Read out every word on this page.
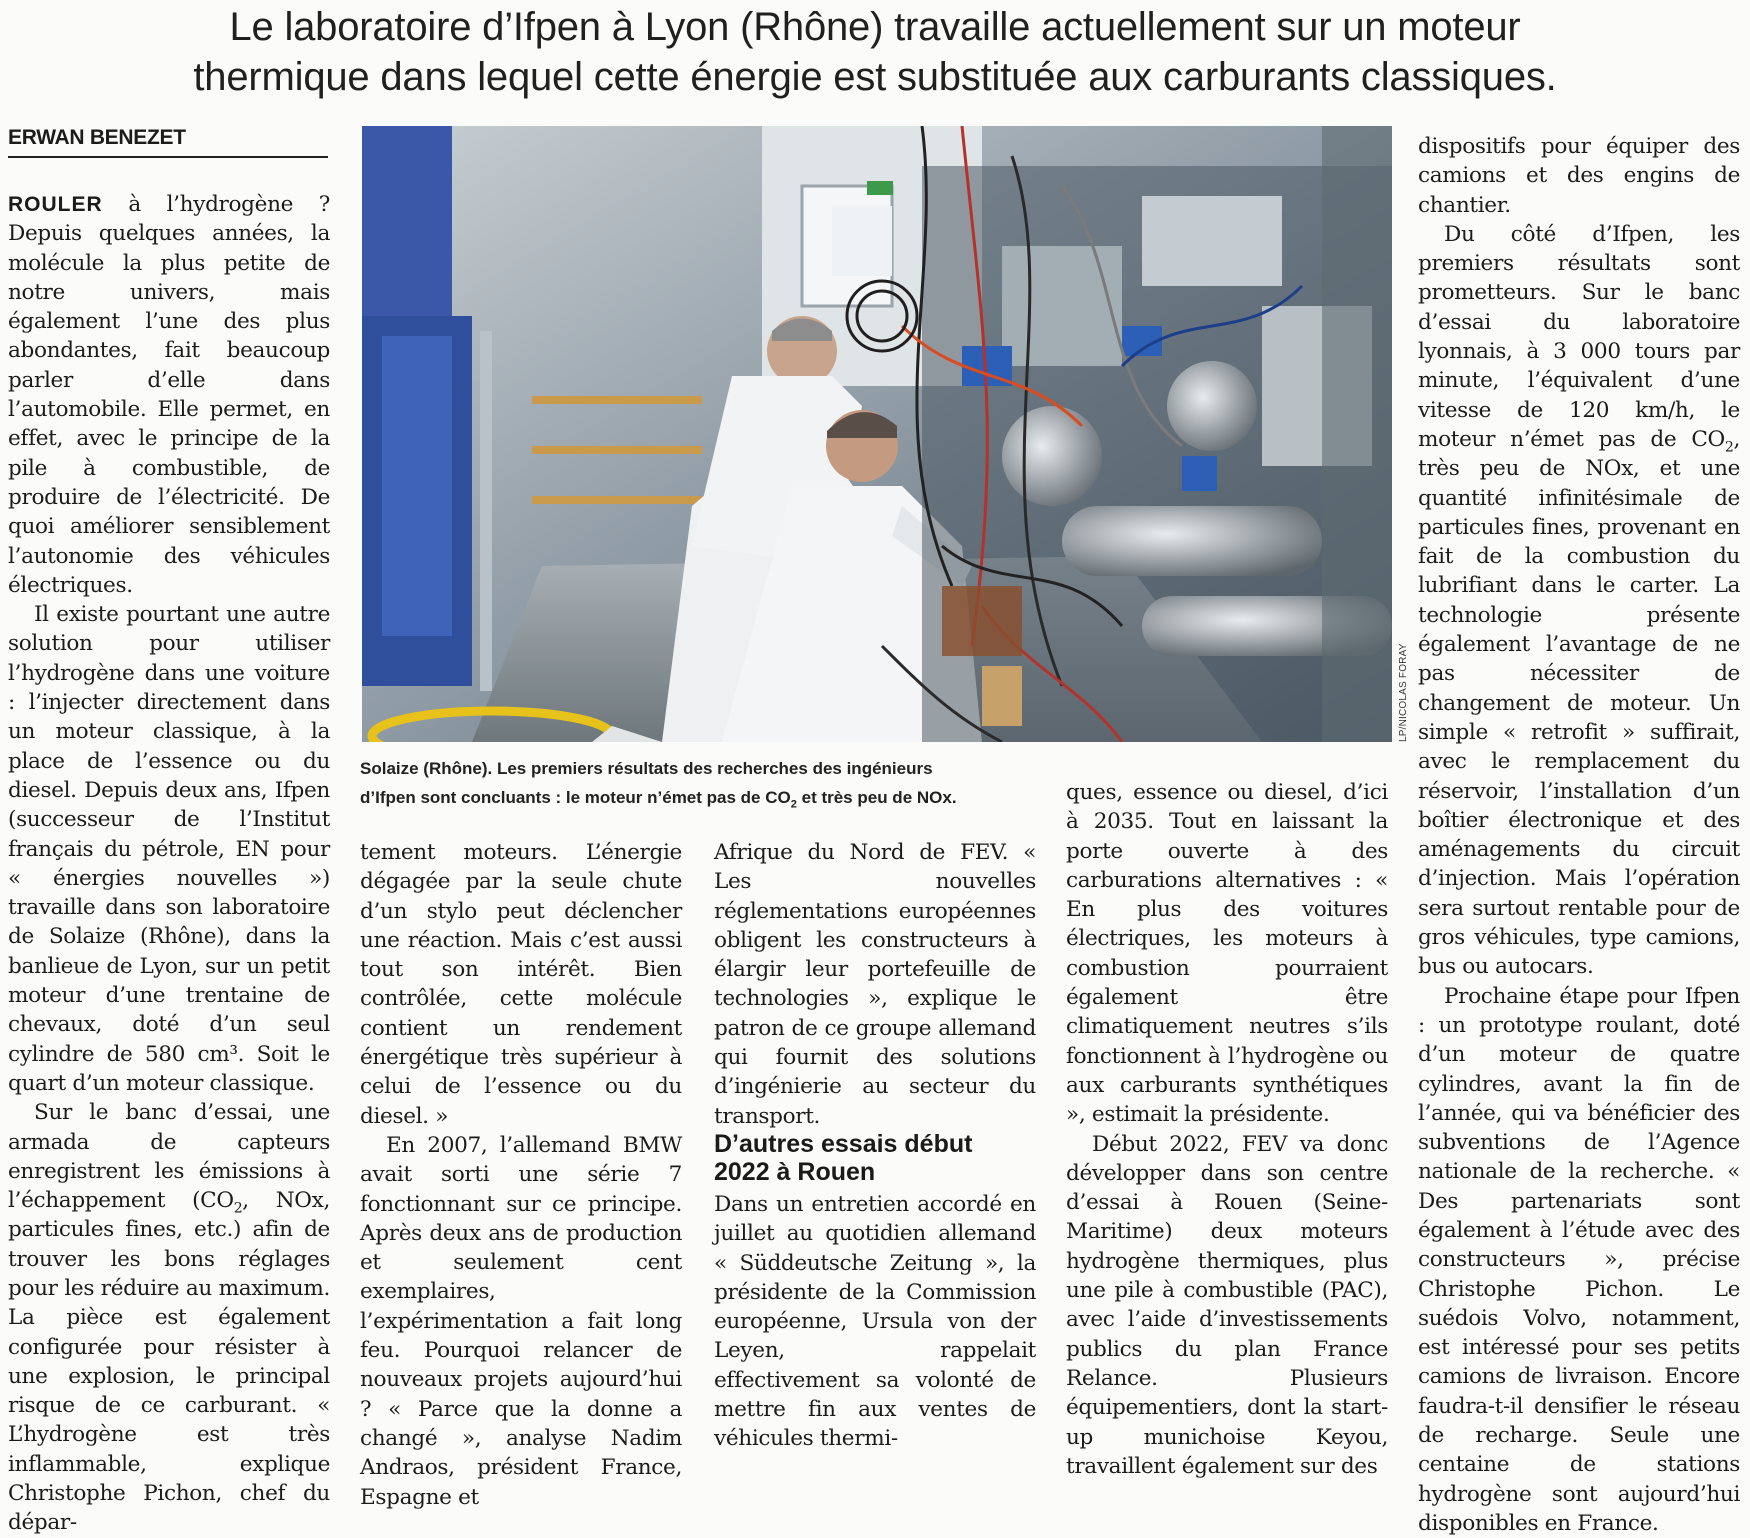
Le laboratoire d’Ifpen à Lyon (Rhône) travaille actuellement sur un moteur
thermique dans lequel cette énergie est substituée aux carburants classiques.
ERWAN BENEZET

ROULER à l’hydrogène ? Depuis quelques années, la molécule la plus petite de notre univers, mais également l’une des plus abondantes, fait beaucoup parler d’elle dans l’automobile. Elle permet, en effet, avec le principe de la pile à combustible, de produire de l’électricité. De quoi améliorer sensiblement l’autonomie des véhicules électriques.

Il existe pourtant une autre solution pour utiliser l’hydrogène dans une voiture : l’injecter directement dans un moteur classique, à la place de l’essence ou du diesel. Depuis deux ans, Ifpen (successeur de l’Institut français du pétrole, EN pour « énergies nouvelles ») travaille dans son laboratoire de Solaize (Rhône), dans la banlieue de Lyon, sur un petit moteur d’une trentaine de chevaux, doté d’un seul cylindre de 580 cm³. Soit le quart d’un moteur classique.

Sur le banc d’essai, une armada de capteurs enregistrent les émissions à l’échappement ($CO_2$, NOx, particules fines, etc.) afin de trouver les bons réglages pour les réduire au maximum. La pièce est également configurée pour résister à une explosion, le principal risque de ce carburant. « L’hydrogène est très inflammable, explique Christophe Pichon, chef du dépar-

LP/NICOLAS FORAY
Solaize (Rhône). Les premiers résultats des recherches des ingénieurs
d’Ifpen sont concluants : le moteur n’émet pas de $CO_2$ et très peu de NOx.

tement moteurs. L’énergie dégagée par la seule chute d’un stylo peut déclencher une réaction. Mais c’est aussi tout son intérêt. Bien contrôlée, cette molécule contient un rendement énergétique très supérieur à celui de l’essence ou du diesel. »

En 2007, l’allemand BMW avait sorti une série 7 fonctionnant sur ce principe. Après deux ans de production et seulement cent exemplaires, l’expérimentation a fait long feu. Pourquoi relancer de nouveaux projets aujourd’hui ? « Parce que la donne a changé », analyse Nadim Andraos, président France, Espagne et

Afrique du Nord de FEV. « Les nouvelles réglementations européennes obligent les constructeurs à élargir leur portefeuille de technologies », explique le patron de ce groupe allemand qui fournit des solutions d’ingénierie au secteur du transport.

D’autres essais début 2022 à Rouen

Dans un entretien accordé en juillet au quotidien allemand « Süddeutsche Zeitung », la présidente de la Commission européenne, Ursula von der Leyen, rappelait effectivement sa volonté de mettre fin aux ventes de véhicules thermi-

ques, essence ou diesel, d’ici à 2035. Tout en laissant la porte ouverte à des carburations alternatives : « En plus des voitures électriques, les moteurs à combustion pourraient également être climatiquement neutres s’ils fonctionnent à l’hydrogène ou aux carburants synthétiques », estimait la présidente.

Début 2022, FEV va donc développer dans son centre d’essai à Rouen (Seine-Maritime) deux moteurs hydrogène thermiques, plus une pile à combustible (PAC), avec l’aide d’investissements publics du plan France Relance. Plusieurs équipementiers, dont la start-up munichoise Keyou, travaillent également sur des

dispositifs pour équiper des camions et des engins de chantier.

Du côté d’Ifpen, les premiers résultats sont prometteurs. Sur le banc d’essai du laboratoire lyonnais, à 3 000 tours par minute, l’équivalent d’une vitesse de 120 km/h, le moteur n’émet pas de $CO_2$, très peu de NOx, et une quantité infinitésimale de particules fines, provenant en fait de la combustion du lubrifiant dans le carter. La technologie présente également l’avantage de ne pas nécessiter de changement de moteur. Un simple « retrofit » suffirait, avec le remplacement du réservoir, l’installation d’un boîtier électronique et des aménagements du circuit d’injection. Mais l’opération sera surtout rentable pour de gros véhicules, type camions, bus ou autocars.

Prochaine étape pour Ifpen : un prototype roulant, doté d’un moteur de quatre cylindres, avant la fin de l’année, qui va bénéficier des subventions de l’Agence nationale de la recherche. « Des partenariats sont également à l’étude avec des constructeurs », précise Christophe Pichon. Le suédois Volvo, notamment, est intéressé pour ses petits camions de livraison. Encore faudra-t-il densifier le réseau de recharge. Seule une centaine de stations hydrogène sont aujourd’hui disponibles en France.
